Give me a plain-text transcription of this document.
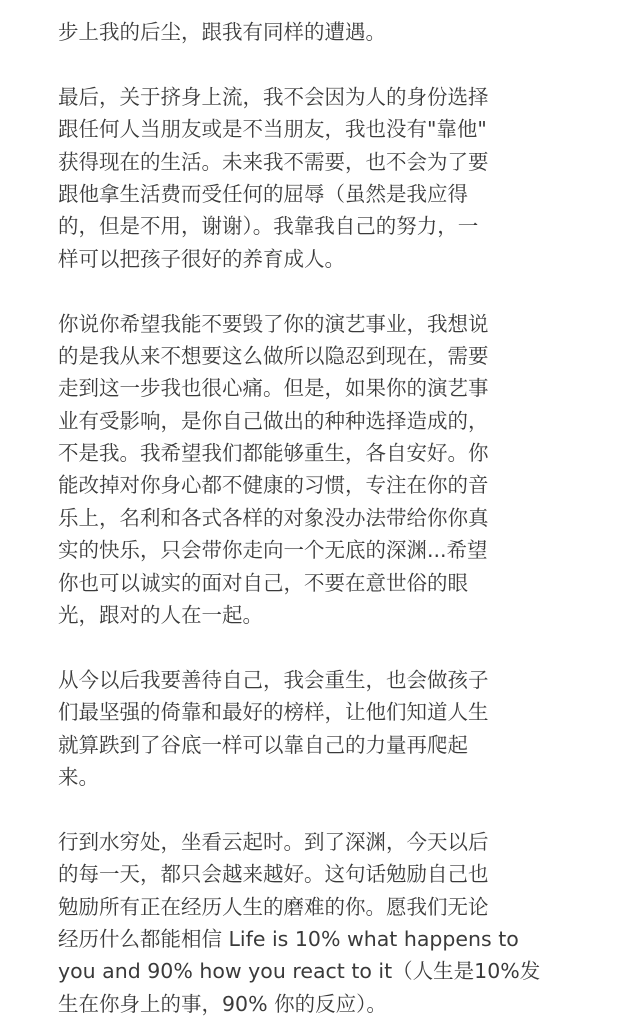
步上我的后尘，跟我有同样的遭遇。
最后，关于挤身上流，我不会因为人的身份选择
跟任何人当朋友或是不当朋友，我也没有"靠他"
获得现在的生活。未来我不需要，也不会为了要
跟他拿生活费而受任何的屈辱（虽然是我应得
的，但是不用，谢谢）。我靠我自己的努力，一
样可以把孩子很好的养育成人。
你说你希望我能不要毁了你的演艺事业，我想说
的是我从来不想要这么做所以隐忍到现在，需要
走到这一步我也很心痛。但是，如果你的演艺事
业有受影响，是你自己做出的种种选择造成的，
不是我。我希望我们都能够重生，各自安好。你
能改掉对你身心都不健康的习惯，专注在你的音
乐上，名利和各式各样的对象没办法带给你你真
实的快乐，只会带你走向一个无底的深渊...希望
你也可以诚实的面对自己，不要在意世俗的眼
光，跟对的人在一起。
从今以后我要善待自己，我会重生，也会做孩子
们最坚强的倚靠和最好的榜样，让他们知道人生
就算跌到了谷底一样可以靠自己的力量再爬起
来。
行到水穷处，坐看云起时。到了深渊，今天以后
的每一天，都只会越来越好。这句话勉励自己也
勉励所有正在经历人生的磨难的你。愿我们无论
经历什么都能相信 Life is 10% what happens to
you and 90% how you react to it（人生是10%发
生在你身上的事，90% 你的反应）。
